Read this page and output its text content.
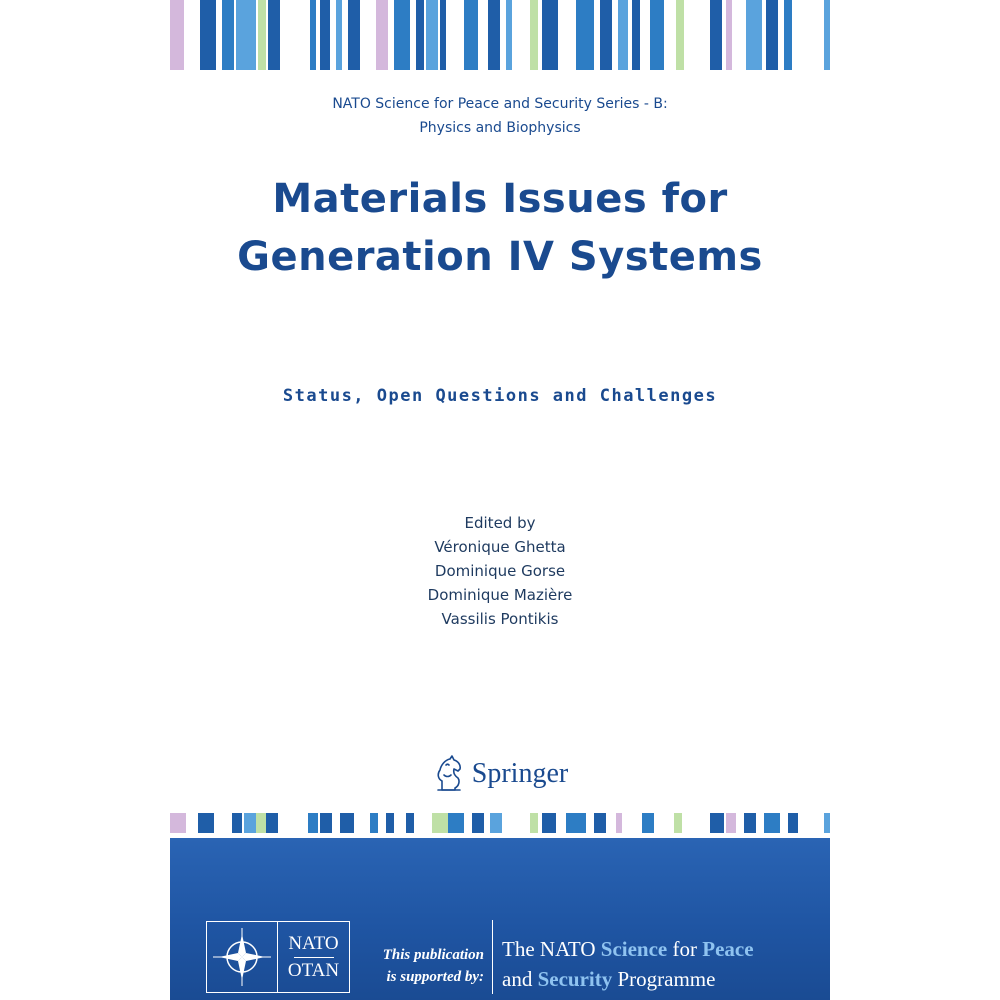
NATO Science for Peace and Security Series - B:
Physics and Biophysics
Materials Issues for
Generation IV Systems
Status, Open Questions and Challenges
Edited by
Véronique Ghetta
Dominique Gorse
Dominique Mazière
Vassilis Pontikis
Springer
NATO
OTAN
This publication
is supported by:
The NATO Science for Peace
and Security Programme
